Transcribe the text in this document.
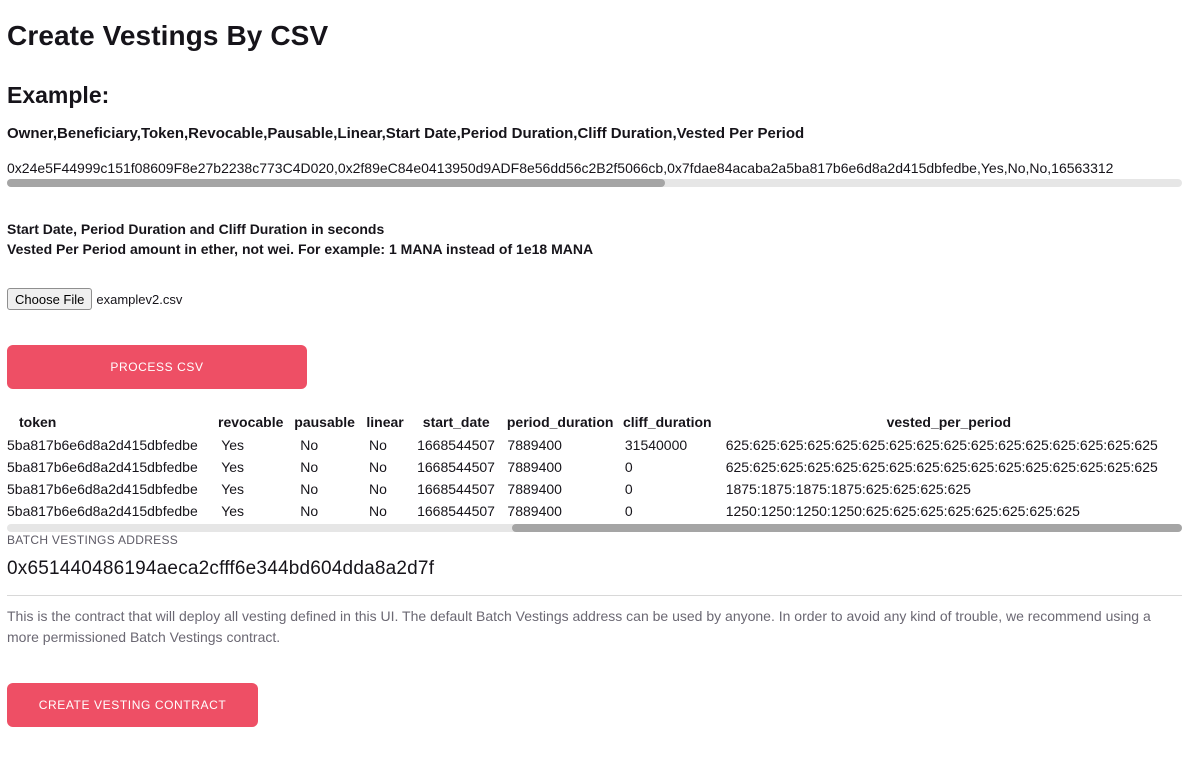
Create Vestings By CSV
Example:
Owner,Beneficiary,Token,Revocable,Pausable,Linear,Start Date,Period Duration,Cliff Duration,Vested Per Period
0x24e5F44999c151f08609F8e27b2238c773C4D020,0x2f89eC84e0413950d9ADF8e56dd56c2B2f5066cb,0x7fdae84acaba2a5ba817b6e6d8a2d415dbfedbe,Yes,No,No,16563312
Start Date, Period Duration and Cliff Duration in seconds
Vested Per Period amount in ether, not wei. For example: 1 MANA instead of 1e18 MANA
Choose File examplev2.csv
PROCESS CSV
token	revocable	pausable	linear	start_date	period_duration	cliff_duration	vested_per_period
5ba817b6e6d8a2d415dbfedbe	Yes	No	No	1668544507	7889400	31540000	625:625:625:625:625:625:625:625:625:625:625:625:625:625:625:625
5ba817b6e6d8a2d415dbfedbe	Yes	No	No	1668544507	7889400	0	625:625:625:625:625:625:625:625:625:625:625:625:625:625:625:625
5ba817b6e6d8a2d415dbfedbe	Yes	No	No	1668544507	7889400	0	1875:1875:1875:1875:625:625:625:625
5ba817b6e6d8a2d415dbfedbe	Yes	No	No	1668544507	7889400	0	1250:1250:1250:1250:625:625:625:625:625:625:625:625
BATCH VESTINGS ADDRESS
0x651440486194aeca2cfff6e344bd604dda8a2d7f
This is the contract that will deploy all vesting defined in this UI. The default Batch Vestings address can be used by anyone. In order to avoid any kind of trouble, we recommend using a more permissioned Batch Vestings contract.
CREATE VESTING CONTRACT
